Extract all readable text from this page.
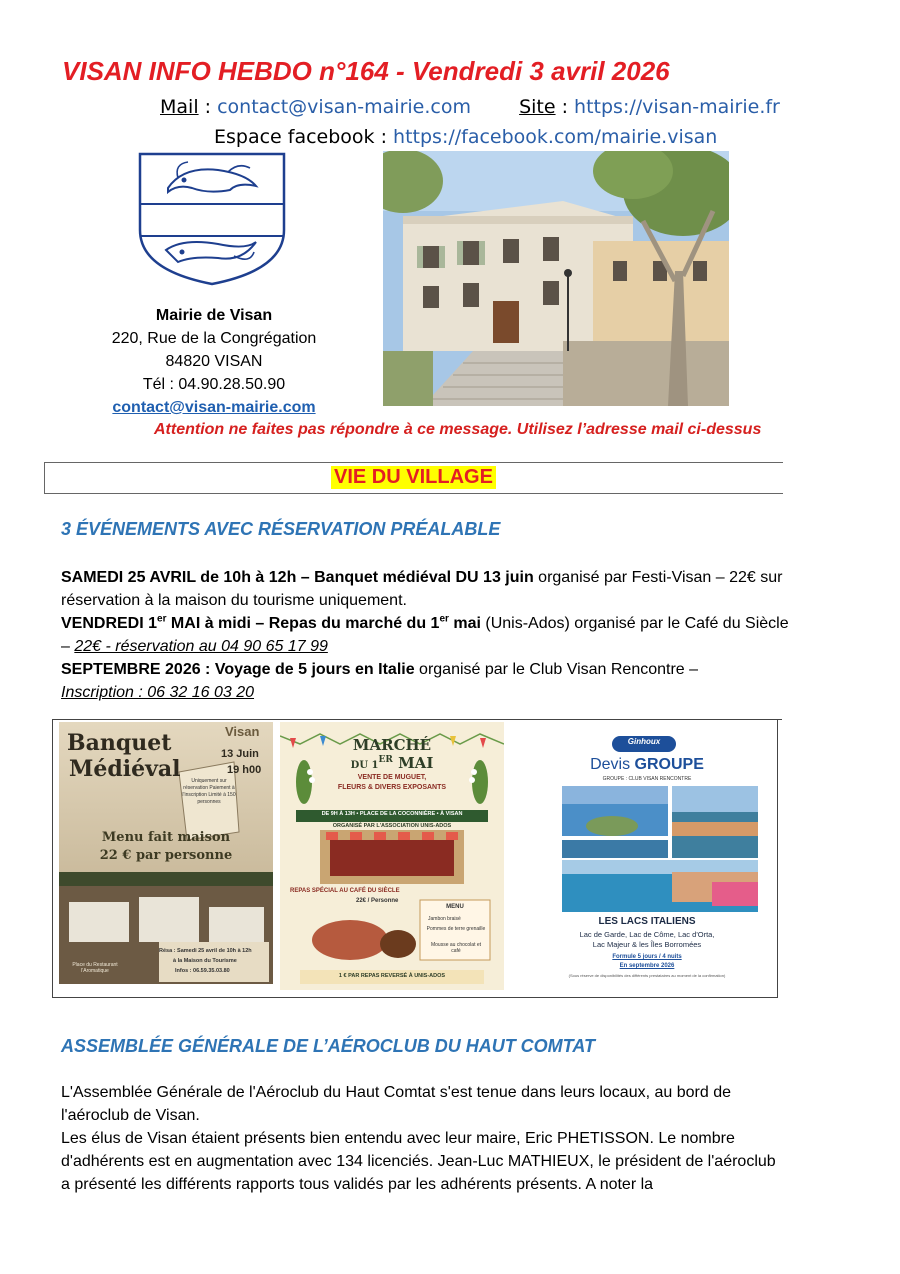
VISAN INFO HEBDO n°164 - Vendredi 3 avril 2026
Mail : contact@visan-mairie.com	Site : https://visan-mairie.fr
Espace facebook : https://facebook.com/mairie.visan
Mairie de Visan
220, Rue de la Congrégation
84820 VISAN
Tél : 04.90.28.50.90
contact@visan-mairie.com
Attention ne faites pas répondre à ce message. Utilisez l’adresse mail ci-dessus
VIE DU VILLAGE
3 ÉVÉNEMENTS AVEC RÉSERVATION PRÉALABLE
SAMEDI 25 AVRIL de 10h à 12h – Banquet médiéval DU 13 juin organisé par Festi-Visan – 22€ sur réservation à la maison du tourisme uniquement.
VENDREDI 1er MAI à midi – Repas du marché du 1er mai (Unis-Ados) organisé par le Café du Siècle – 22€ - réservation au 04 90 65 17 99
SEPTEMBRE 2026 : Voyage de 5 jours en Italie organisé par le Club Visan Rencontre –
Inscription : 06 32 16 03 20
Banquet
Médiéval
Visan
13 Juin
19 h00
Uniquement sur réservation Paiement à l'inscription Limité à 150 personnes
Menu fait maison
22 € par personne
Résa : Samedi 25 avril de 10h à 12h
à la Maison du Tourisme
Infos : 06.59.35.03.80
Place du Restaurant l'Aromatique
MARCHÉ
DU 1ER MAI
VENTE DE MUGUET,
FLEURS & DIVERS EXPOSANTS
DE 9H À 13H • PLACE DE LA COCONNIÈRE • À VISAN
ORGANISÉ PAR L'ASSOCIATION UNIS-ADOS
REPAS SPÉCIAL AU CAFÉ DU SIÈCLE
22€ / Personne
MENU
Jambon braisé
Pommes de terre grenaille
Mousse au chocolat et café
1 € PAR REPAS REVERSÉ À UNIS-ADOS
Ginhoux
Devis GROUPE
GROUPE : CLUB VISAN RENCONTRE
LES LACS ITALIENS
Lac de Garde, Lac de Côme, Lac d'Orta,
Lac Majeur & les Îles Borromées
Formule 5 jours / 4 nuits
En septembre 2026
(Sous réserve de disponibilités des différents prestataires au moment de la confirmation)
ASSEMBLÉE GÉNÉRALE DE L’AÉROCLUB DU HAUT COMTAT
L'Assemblée Générale de l'Aéroclub du Haut Comtat s'est tenue dans leurs locaux, au bord de l'aéroclub de Visan.
Les élus de Visan étaient présents bien entendu avec leur maire, Eric PHETISSON. Le nombre d'adhérents est en augmentation avec 134 licenciés. Jean-Luc MATHIEUX, le président de l'aéroclub a présenté les différents rapports tous validés par les adhérents présents. A noter la
